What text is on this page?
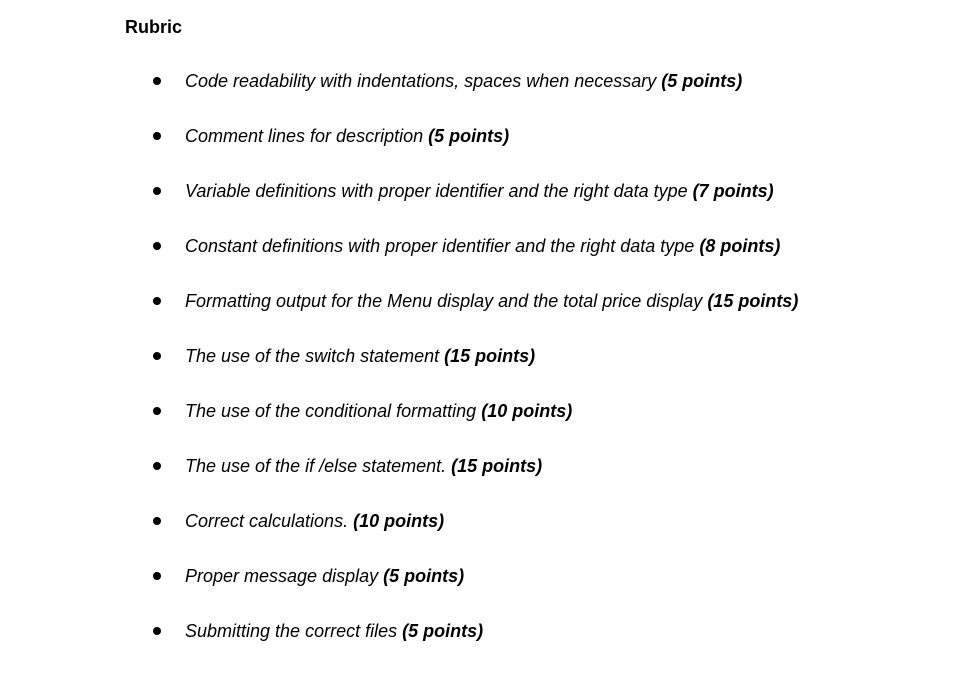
Rubric
Code readability with indentations, spaces when necessary (5 points)
Comment lines for description (5 points)
Variable definitions with proper identifier and the right data type (7 points)
Constant definitions with proper identifier and the right data type (8 points)
Formatting output for the Menu display and the total price display (15 points)
The use of the switch statement (15 points)
The use of the conditional formatting (10 points)
The use of the if /else statement. (15 points)
Correct calculations. (10 points)
Proper message display (5 points)
Submitting the correct files (5 points)
